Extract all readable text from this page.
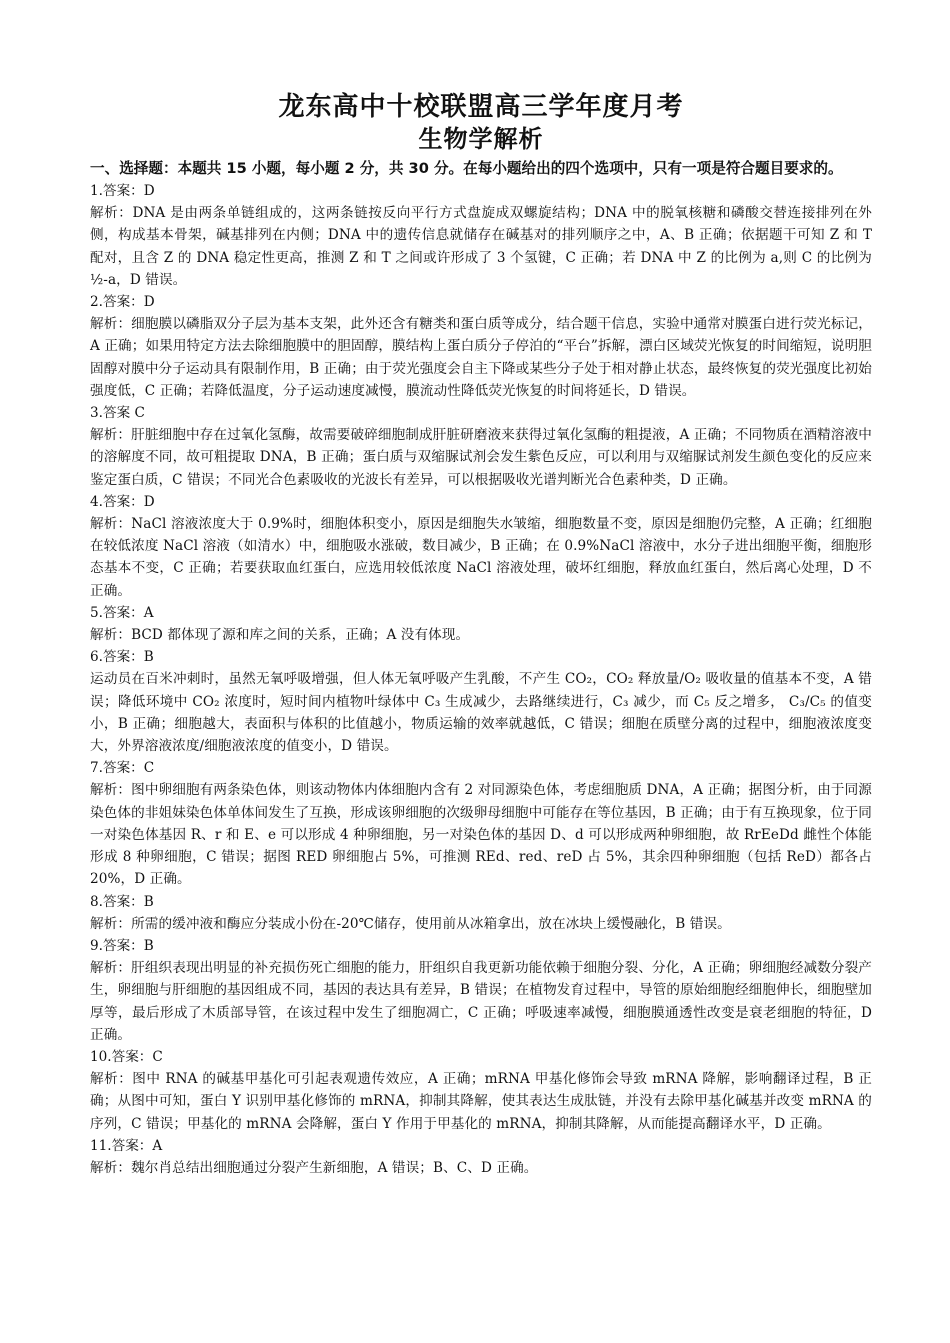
龙东高中十校联盟高三学年度月考
生物学解析

一、选择题：本题共 15 小题，每小题 2 分，共 30 分。在每小题给出的四个选项中，只有一项是符合题目要求的。

1.答案：D

解析：DNA 是由两条单链组成的，这两条链按反向平行方式盘旋成双螺旋结构；DNA 中的脱氧核糖和磷酸交替连接排列在外侧，构成基本骨架，碱基排列在内侧；DNA 中的遗传信息就储存在碱基对的排列顺序之中，A、B 正确；依据题干可知 Z 和 T 配对，且含 Z 的 DNA 稳定性更高，推测 Z 和 T 之间或许形成了 3 个氢键，C 正确；若 DNA 中 Z 的比例为 a,则 C 的比例为½-a，D 错误。

2.答案：D

解析：细胞膜以磷脂双分子层为基本支架，此外还含有糖类和蛋白质等成分，结合题干信息，实验中通常对膜蛋白进行荧光标记，A 正确；如果用特定方法去除细胞膜中的胆固醇，膜结构上蛋白质分子停泊的“平台”拆解，漂白区域荧光恢复的时间缩短，说明胆固醇对膜中分子运动具有限制作用，B 正确；由于荧光强度会自主下降或某些分子处于相对静止状态，最终恢复的荧光强度比初始强度低，C 正确；若降低温度，分子运动速度减慢，膜流动性降低荧光恢复的时间将延长，D 错误。

3.答案 C

解析：肝脏细胞中存在过氧化氢酶，故需要破碎细胞制成肝脏研磨液来获得过氧化氢酶的粗提液，A 正确；不同物质在酒精溶液中的溶解度不同，故可粗提取 DNA，B 正确；蛋白质与双缩脲试剂会发生紫色反应，可以利用与双缩脲试剂发生颜色变化的反应来鉴定蛋白质，C 错误；不同光合色素吸收的光波长有差异，可以根据吸收光谱判断光合色素种类，D 正确。

4.答案：D

解析：NaCl 溶液浓度大于 0.9%时，细胞体积变小，原因是细胞失水皱缩，细胞数量不变，原因是细胞仍完整，A 正确；红细胞在较低浓度 NaCl 溶液（如清水）中，细胞吸水涨破，数目减少，B 正确；在 0.9%NaCl 溶液中，水分子进出细胞平衡，细胞形态基本不变，C 正确；若要获取血红蛋白，应选用较低浓度 NaCl 溶液处理，破坏红细胞，释放血红蛋白，然后离心处理，D 不正确。

5.答案：A

解析：BCD 都体现了源和库之间的关系，正确；A 没有体现。

6.答案：B

运动员在百米冲刺时，虽然无氧呼吸增强，但人体无氧呼吸产生乳酸，不产生 CO₂，CO₂ 释放量/O₂ 吸收量的值基本不变，A 错误；降低环境中 CO₂ 浓度时，短时间内植物叶绿体中 C₃ 生成减少，去路继续进行，C₃ 减少，而 C₅ 反之增多， C₃/C₅ 的值变小，B 正确；细胞越大，表面积与体积的比值越小，物质运输的效率就越低，C 错误；细胞在质壁分离的过程中，细胞液浓度变大，外界溶液浓度/细胞液浓度的值变小，D 错误。

7.答案：C

解析：图中卵细胞有两条染色体，则该动物体内体细胞内含有 2 对同源染色体，考虑细胞质 DNA，A 正确；据图分析，由于同源染色体的非姐妹染色体单体间发生了互换，形成该卵细胞的次级卵母细胞中可能存在等位基因，B 正确；由于有互换现象，位于同一对染色体基因 R、r 和 E、e 可以形成 4 种卵细胞，另一对染色体的基因 D、d 可以形成两种卵细胞，故 RrEeDd 雌性个体能形成 8 种卵细胞，C 错误；据图 RED 卵细胞占 5%，可推测 REd、red、reD 占 5%，其余四种卵细胞（包括 ReD）都各占 20%，D 正确。

8.答案：B

解析：所需的缓冲液和酶应分装成小份在-20℃储存，使用前从冰箱拿出，放在冰块上缓慢融化，B 错误。

9.答案：B

解析：肝组织表现出明显的补充损伤死亡细胞的能力，肝组织自我更新功能依赖于细胞分裂、分化，A 正确；卵细胞经减数分裂产生，卵细胞与肝细胞的基因组成不同，基因的表达具有差异，B 错误；在植物发育过程中，导管的原始细胞经细胞伸长，细胞壁加厚等，最后形成了木质部导管，在该过程中发生了细胞凋亡，C 正确；呼吸速率减慢，细胞膜通透性改变是衰老细胞的特征，D 正确。

10.答案：C

解析：图中 RNA 的碱基甲基化可引起表观遗传效应，A 正确；mRNA 甲基化修饰会导致 mRNA 降解，影响翻译过程，B 正确；从图中可知，蛋白 Y 识别甲基化修饰的 mRNA，抑制其降解，使其表达生成肽链，并没有去除甲基化碱基并改变 mRNA 的序列，C 错误；甲基化的 mRNA 会降解，蛋白 Y 作用于甲基化的 mRNA，抑制其降解，从而能提高翻译水平，D 正确。

11.答案：A

解析：魏尔肖总结出细胞通过分裂产生新细胞，A 错误；B、C、D 正确。
